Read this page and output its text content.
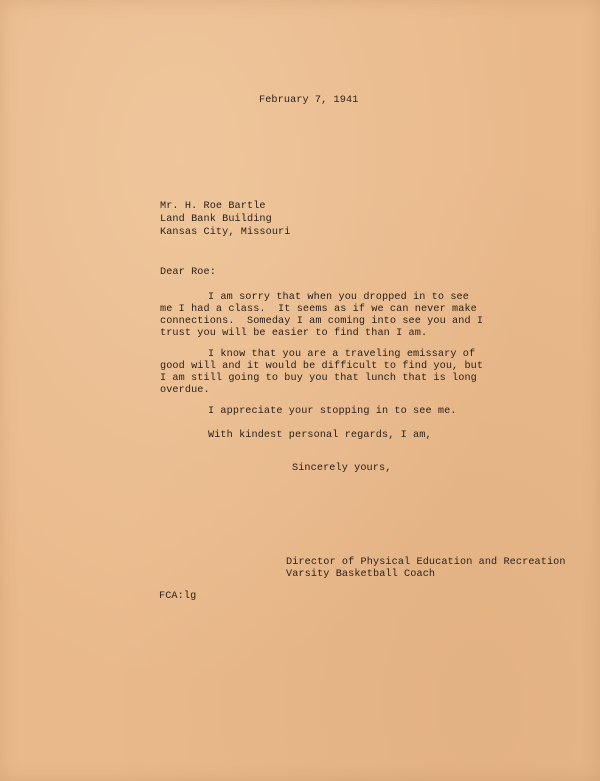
February 7, 1941
Mr. H. Roe Bartle
Land Bank Building
Kansas City, Missouri
Dear Roe:
I am sorry that when you dropped in to see
me I had a class.  It seems as if we can never make
connections.  Someday I am coming into see you and I
trust you will be easier to find than I am.
I know that you are a traveling emissary of
good will and it would be difficult to find you, but
I am still going to buy you that lunch that is long
overdue.
I appreciate your stopping in to see me.
With kindest personal regards, I am,
Sincerely yours,
Director of Physical Education and Recreation
Varsity Basketball Coach
FCA:lg
